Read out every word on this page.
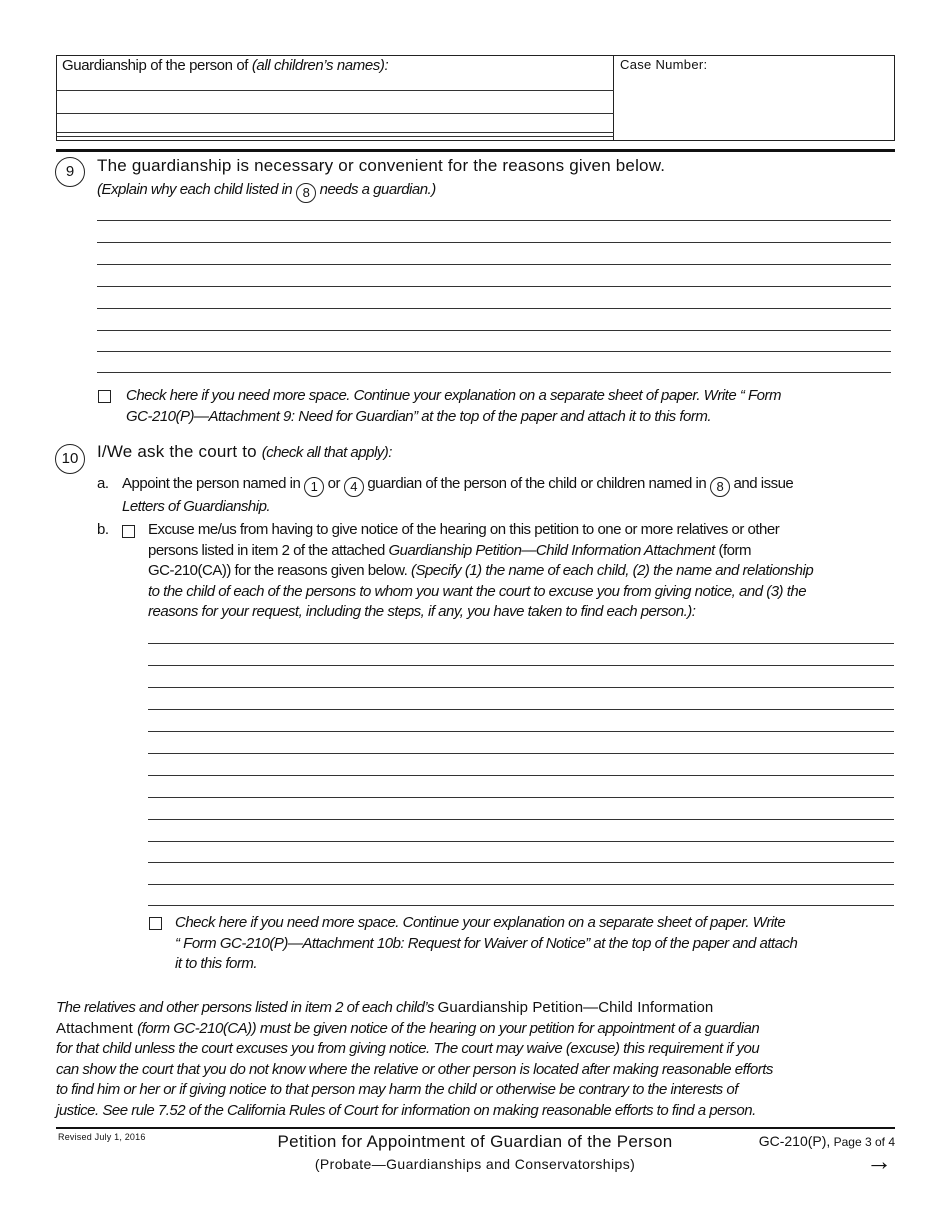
Guardianship of the person of (all children’s names):	Case Number:
9	The guardianship is necessary or convenient for the reasons given below.
(Explain why each child listed in 8 needs a guardian.)
Check here if you need more space. Continue your explanation on a separate sheet of paper. Write “ Form
GC-210(P)—Attachment 9: Need for Guardian” at the top of the paper and attach it to this form.
10	I/We ask the court to (check all that apply):
a. Appoint the person named in 1 or 4 guardian of the person of the child or children named in 8 and issue
Letters of Guardianship.
b.	Excuse me/us from having to give notice of the hearing on this petition to one or more relatives or other
persons listed in item 2 of the attached Guardianship Petition—Child Information Attachment (form
GC-210(CA)) for the reasons given below. (Specify (1) the name of each child, (2) the name and relationship
to the child of each of the persons to whom you want the court to excuse you from giving notice, and (3) the
reasons for your request, including the steps, if any, you have taken to find each person.):
Check here if you need more space. Continue your explanation on a separate sheet of paper. Write
“ Form GC-210(P)—Attachment 10b: Request for Waiver of Notice” at the top of the paper and attach
it to this form.
The relatives and other persons listed in item 2 of each child’s Guardianship Petition—Child Information
Attachment (form GC-210(CA)) must be given notice of the hearing on your petition for appointment of a guardian
for that child unless the court excuses you from giving notice. The court may waive (excuse) this requirement if you
can show the court that you do not know where the relative or other person is located after making reasonable efforts
to find him or her or if giving notice to that person may harm the child or otherwise be contrary to the interests of
justice. See rule 7.52 of the California Rules of Court for information on making reasonable efforts to find a person.
Revised July 1, 2016	Petition for Appointment of Guardian of the Person
(Probate—Guardianships and Conservatorships)
GC-210(P), Page 3 of 4
→
